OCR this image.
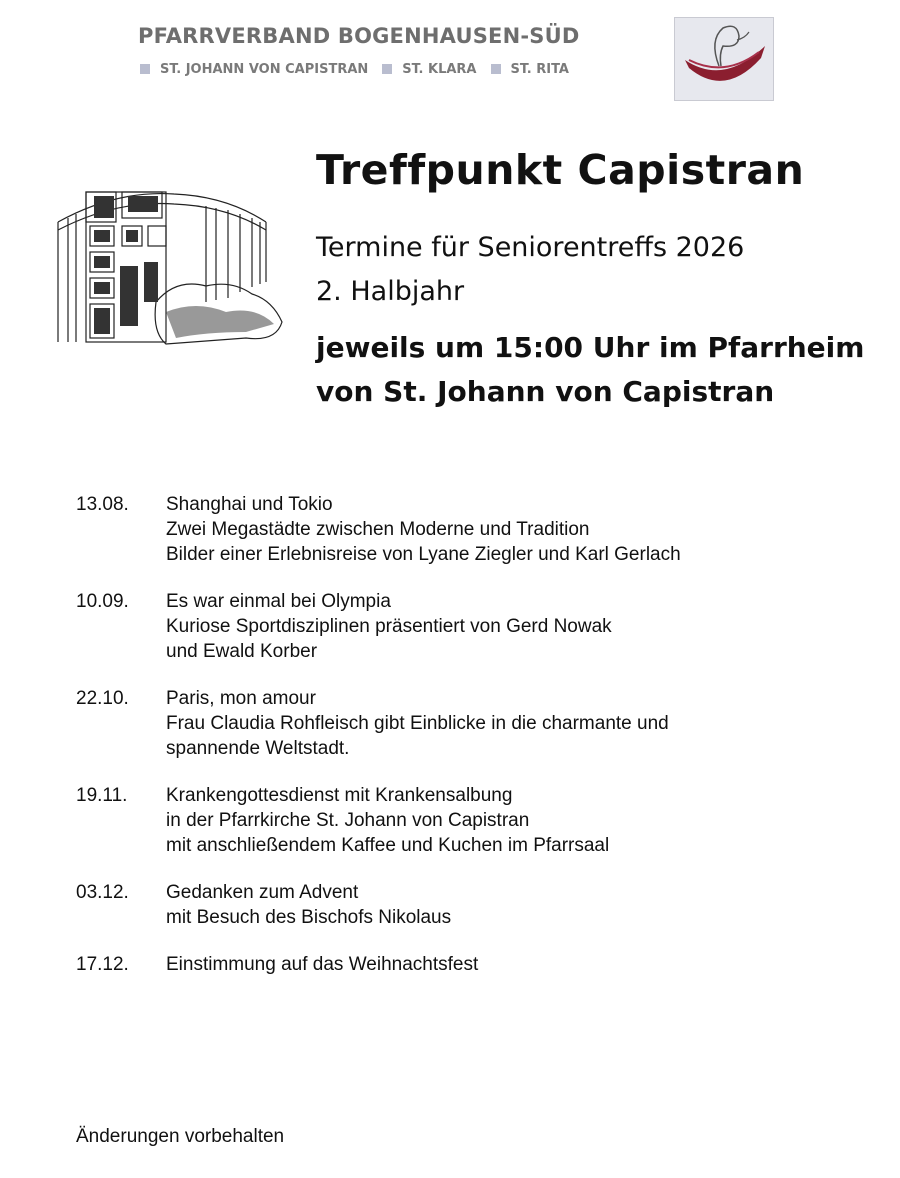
PFARRVERBAND BOGENHAUSEN-SÜD
ST. JOHANN VON CAPISTRAN	ST. KLARA	ST. RITA
Treffpunkt Capistran
Termine für Seniorentreffs 2026
2. Halbjahr
jeweils um 15:00 Uhr im Pfarrheim
von St. Johann von Capistran
13.08.	Shanghai und Tokio
Zwei Megastädte zwischen Moderne und Tradition
Bilder einer Erlebnisreise von Lyane Ziegler und Karl Gerlach
10.09.	Es war einmal bei Olympia
Kuriose Sportdisziplinen präsentiert von Gerd Nowak
und Ewald Korber
22.10.	Paris, mon amour
Frau Claudia Rohfleisch gibt Einblicke in die charmante und
spannende Weltstadt.
19.11.	Krankengottesdienst mit Krankensalbung
in der Pfarrkirche St. Johann von Capistran
mit anschließendem Kaffee und Kuchen im Pfarrsaal
03.12.	Gedanken zum Advent
mit Besuch des Bischofs Nikolaus
17.12.	Einstimmung auf das Weihnachtsfest
Änderungen vorbehalten
